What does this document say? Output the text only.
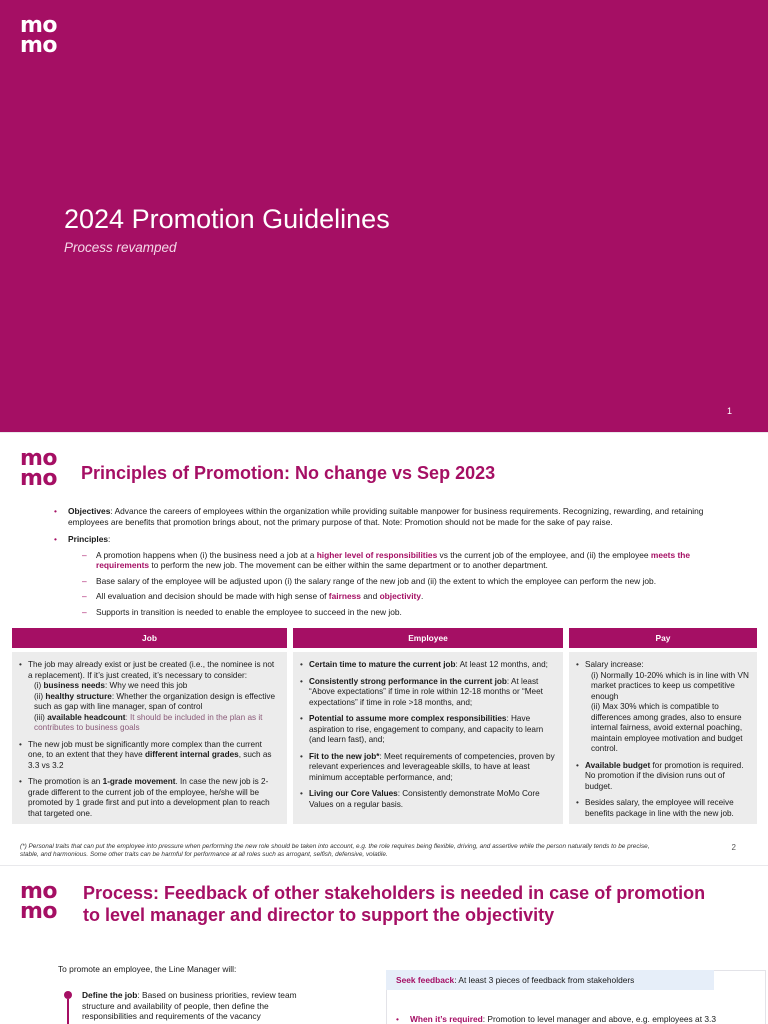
mo
mo
2024 Promotion Guidelines
Process revamped
1
mo
mo Principles of Promotion: No change vs Sep 2023
• Objectives: Advance the careers of employees within the organization while providing suitable manpower for business requirements. Recognizing, rewarding, and retaining employees are benefits that promotion brings about, not the primary purpose of that. Note: Promotion should not be made for the sake of pay raise.
• Principles:
– A promotion happens when (i) the business need a job at a higher level of responsibilities vs the current job of the employee, and (ii) the employee meets the requirements to perform the new job. The movement can be either within the same department or to another department.
– Base salary of the employee will be adjusted upon (i) the salary range of the new job and (ii) the extent to which the employee can perform the new job.
– All evaluation and decision should be made with high sense of fairness and objectivity.
– Supports in transition is needed to enable the employee to succeed in the new job.
Job
• The job may already exist or just be created (i.e., the nominee is not a replacement). If it’s just created, it’s necessary to consider:
(i) business needs: Why we need this job
(ii) healthy structure: Whether the organization design is effective such as gap with line manager, span of control
(iii) available headcount: It should be included in the plan as it contributes to business goals
• The new job must be significantly more complex than the current one, to an extent that they have different internal grades, such as 3.3 vs 3.2
• The promotion is an 1-grade movement. In case the new job is 2-grade different to the current job of the employee, he/she will be promoted by 1 grade first and put into a development plan to reach that targeted one.
Employee
• Certain time to mature the current job: At least 12 months, and;
• Consistently strong performance in the current job: At least “Above expectations” if time in role within 12-18 months or “Meet expectations” if time in role >18 months, and;
• Potential to assume more complex responsibilities: Have aspiration to rise, engagement to company, and capacity to learn (and learn fast), and;
• Fit to the new job*: Meet requirements of competencies, proven by relevant experiences and leverageable skills, to have at least minimum acceptable performance, and;
• Living our Core Values: Consistently demonstrate MoMo Core Values on a regular basis.
Pay
• Salary increase:
(i) Normally 10-20% which is in line with VN market practices to keep us competitive enough
(ii) Max 30% which is compatible to differences among grades, also to ensure internal fairness, avoid external poaching, maintain employee motivation and budget control.
• Available budget for promotion is required. No promotion if the division runs out of budget.
• Besides salary, the employee will receive benefits package in line with the new job.
(*) Personal traits that can put the employee into pressure when performing the new role should be taken into account, e.g. the role requires being flexible, driving, and assertive while the person naturally tends to be precise, stable, and harmonious. Some other traits can be harmful for performance at all roles such as arrogant, selfish, defensive, volatile.
2
mo
mo
Process: Feedback of other stakeholders is needed in case of promotion to level manager and director to support the objectivity
To promote an employee, the Line Manager will:
Define the job: Based on business priorities, review team structure and availability of people, then define the responsibilities and requirements of the vacancy
Seek feedback: At least 3 pieces of feedback from stakeholders
• When it’s required: Promotion to level manager and above, e.g. employees at 3.3
